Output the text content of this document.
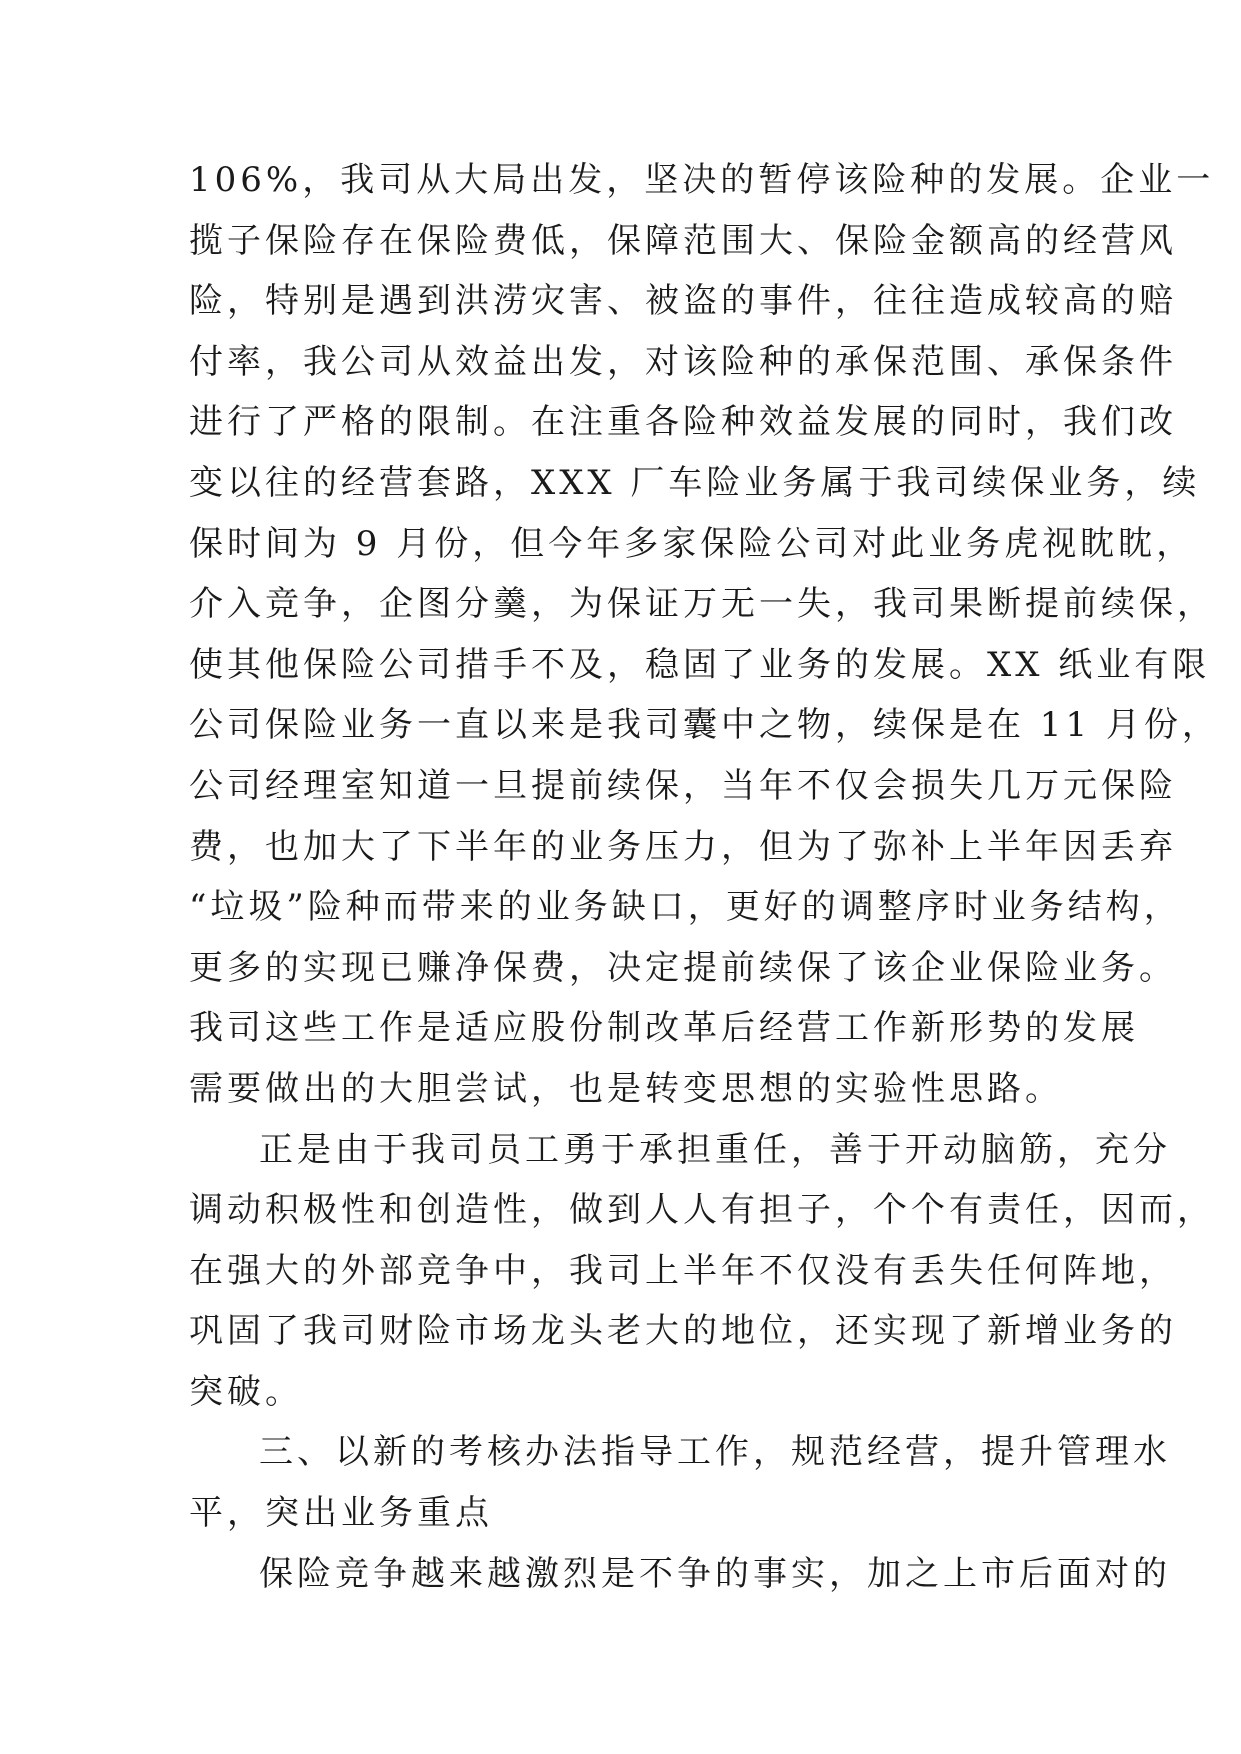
106%，我司从大局出发，坚决的暂停该险种的发展。企业一
揽子保险存在保险费低，保障范围大、保险金额高的经营风
险，特别是遇到洪涝灾害、被盗的事件，往往造成较高的赔
付率，我公司从效益出发，对该险种的承保范围、承保条件
进行了严格的限制。在注重各险种效益发展的同时，我们改
变以往的经营套路，XXX 厂车险业务属于我司续保业务，续
保时间为 9 月份，但今年多家保险公司对此业务虎视眈眈，
介入竞争，企图分羹，为保证万无一失，我司果断提前续保，
使其他保险公司措手不及，稳固了业务的发展。XX 纸业有限
公司保险业务一直以来是我司囊中之物，续保是在 11 月份，
公司经理室知道一旦提前续保，当年不仅会损失几万元保险
费，也加大了下半年的业务压力，但为了弥补上半年因丢弃
“垃圾”险种而带来的业务缺口，更好的调整序时业务结构，
更多的实现已赚净保费，决定提前续保了该企业保险业务。
我司这些工作是适应股份制改革后经营工作新形势的发展
需要做出的大胆尝试，也是转变思想的实验性思路。
正是由于我司员工勇于承担重任，善于开动脑筋，充分
调动积极性和创造性，做到人人有担子，个个有责任，因而，
在强大的外部竞争中，我司上半年不仅没有丢失任何阵地，
巩固了我司财险市场龙头老大的地位，还实现了新增业务的
突破。
三、以新的考核办法指导工作，规范经营，提升管理水
平，突出业务重点
保险竞争越来越激烈是不争的事实，加之上市后面对的
